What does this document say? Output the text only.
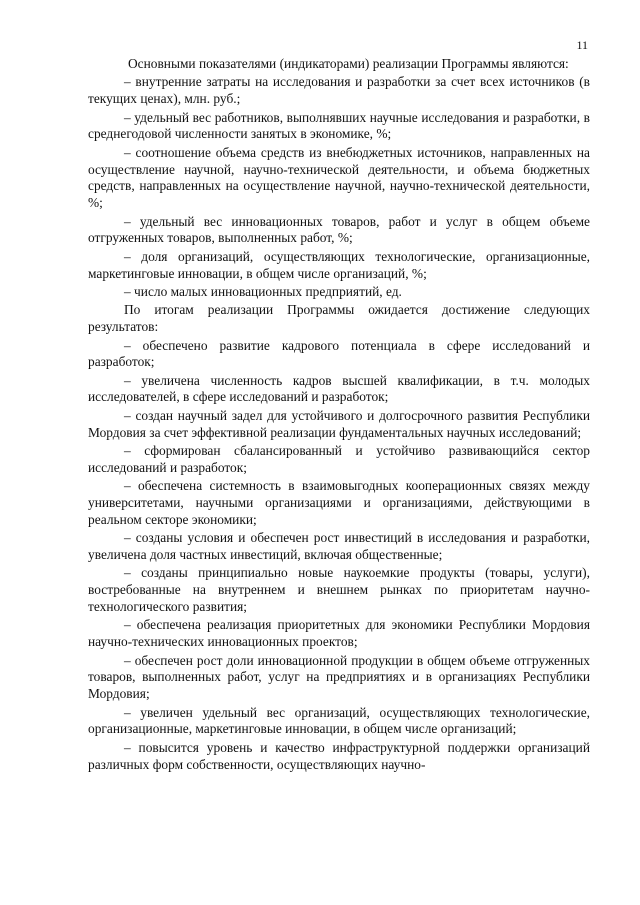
11

Основными показателями (индикаторами) реализации Программы являются:

– внутренние затраты на исследования и разработки за счет всех источников (в текущих ценах), млн. руб.;

– удельный вес работников, выполнявших научные исследования и разработки, в среднегодовой численности занятых в экономике, %;

– соотношение объема средств из внебюджетных источников, направленных на осуществление научной, научно-технической деятельности, и объема бюджетных средств, направленных на осуществление научной, научно-технической деятельности, %;

– удельный вес инновационных товаров, работ и услуг в общем объеме отгруженных товаров, выполненных работ, %;

– доля организаций, осуществляющих технологические, организационные, маркетинговые инновации, в общем числе организаций, %;

– число малых инновационных предприятий, ед.

По итогам реализации Программы ожидается достижение следующих результатов:

– обеспечено развитие кадрового потенциала в сфере исследований и разработок;

– увеличена численность кадров высшей квалификации, в т.ч. молодых исследователей, в сфере исследований и разработок;

– создан научный задел для устойчивого и долгосрочного развития Республики Мордовия за счет эффективной реализации фундаментальных научных исследований;

– сформирован сбалансированный и устойчиво развивающийся сектор исследований и разработок;

– обеспечена системность в взаимовыгодных кооперационных связях между университетами, научными организациями и организациями, действующими в реальном секторе экономики;

– созданы условия и обеспечен рост инвестиций в исследования и разработки, увеличена доля частных инвестиций, включая общественные;

– созданы принципиально новые наукоемкие продукты (товары, услуги), востребованные на внутреннем и внешнем рынках по приоритетам научно-технологического развития;

– обеспечена реализация приоритетных для экономики Республики Мордовия научно-технических инновационных проектов;

– обеспечен рост доли инновационной продукции в общем объеме отгруженных товаров, выполненных работ, услуг на предприятиях и в организациях Республики Мордовия;

– увеличен удельный вес организаций, осуществляющих технологические, организационные, маркетинговые инновации, в общем числе организаций;

– повысится уровень и качество инфраструктурной поддержки организаций различных форм собственности, осуществляющих научно-
